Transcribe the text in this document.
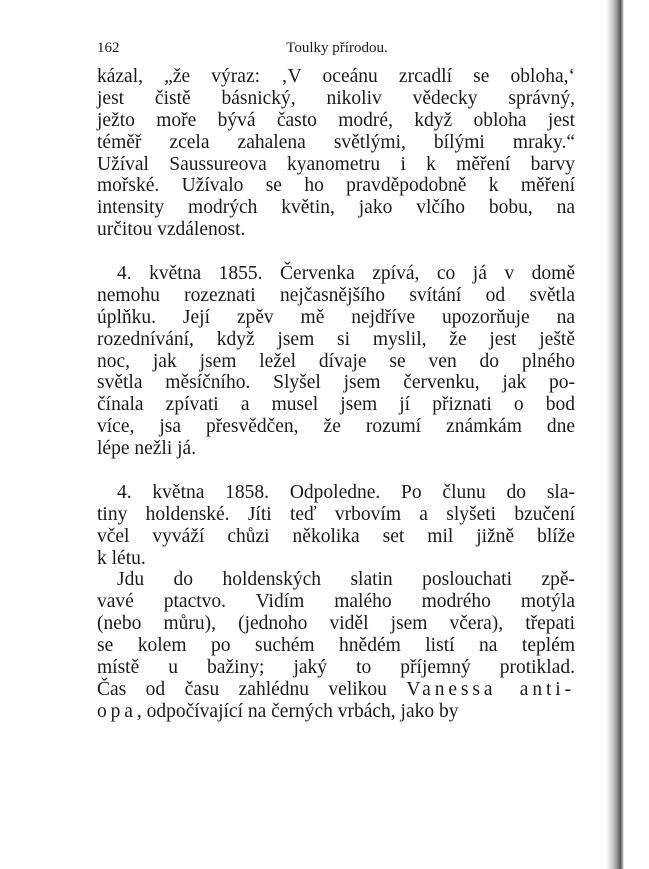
162	Toulky přírodou.
kázal, „že výraz: ‚V oceánu zrcadlí se obloha,‘
jest čistě básnický, nikoliv vědecky správný,
ježto moře bývá často modré, když obloha jest
téměř zcela zahalena světlými, bílými mraky.“
Užíval Saussureova kyanometru i k měření barvy
mořské. Užívalo se ho pravděpodobně k měření
intensity modrých květin, jako vlčího bobu, na
určitou vzdálenost.
4. května 1855. Červenka zpívá, co já v domě
nemohu rozeznati nejčasnějšího svítání od světla
úplňku. Její zpěv mě nejdříve upozorňuje na
rozednívání, když jsem si myslil, že jest ještě
noc, jak jsem ležel dívaje se ven do plného
světla měsíčního. Slyšel jsem červenku, jak po-
čínala zpívati a musel jsem jí přiznati o bod
více, jsa přesvědčen, že rozumí známkám dne
lépe nežli já.
4. května 1858. Odpoledne. Po člunu do sla-
tiny holdenské. Jíti teď vrbovím a slyšeti bzučení
včel vyváží chůzi několika set mil jižně blíže
k létu.
Jdu do holdenských slatin poslouchati zpě-
vavé ptactvo. Vidím malého modrého motýla
(nebo můru), (jednoho viděl jsem včera), třepati
se kolem po suchém hnědém listí na teplém
místě u bažiny; jaký to příjemný protiklad.
Čas od času zahlédnu velikou Vanessa anti-
opa, odpočívající na černých vrbách, jako by
